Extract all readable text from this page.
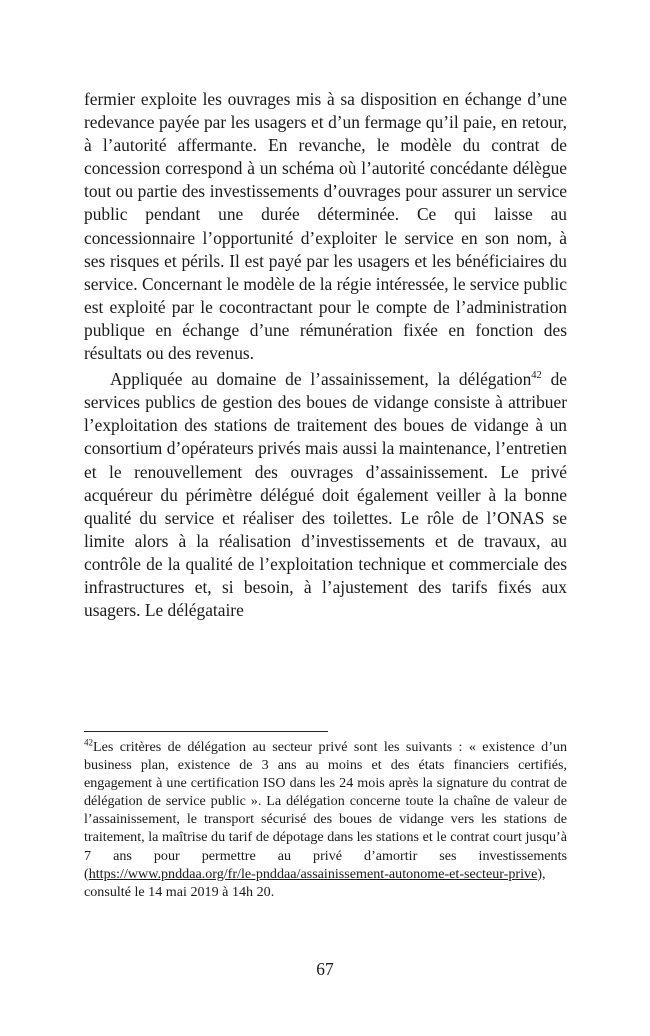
fermier exploite les ouvrages mis à sa disposition en échange d’une redevance payée par les usagers et d’un fermage qu’il paie, en retour, à l’autorité affermante. En revanche, le modèle du contrat de concession correspond à un schéma où l’autorité concédante délègue tout ou partie des investissements d’ouvrages pour assurer un service public pendant une durée déterminée. Ce qui laisse au concessionnaire l’opportunité d’exploiter le service en son nom, à ses risques et périls. Il est payé par les usagers et les bénéficiaires du service. Concernant le modèle de la régie intéressée, le service public est exploité par le cocontractant pour le compte de l’administration publique en échange d’une rémunération fixée en fonction des résultats ou des revenus.

Appliquée au domaine de l’assainissement, la délégation$^{42}$ de services publics de gestion des boues de vidange consiste à attribuer l’exploitation des stations de traitement des boues de vidange à un consortium d’opérateurs privés mais aussi la maintenance, l’entretien et le renouvellement des ouvrages d’assainissement. Le privé acquéreur du périmètre délégué doit également veiller à la bonne qualité du service et réaliser des toilettes. Le rôle de l’ONAS se limite alors à la réalisation d’investissements et de travaux, au contrôle de la qualité de l’exploitation technique et commerciale des infrastructures et, si besoin, à l’ajustement des tarifs fixés aux usagers. Le délégataire

$^{42}$Les critères de délégation au secteur privé sont les suivants : « existence d’un business plan, existence de 3 ans au moins et des états financiers certifiés, engagement à une certification ISO dans les 24 mois après la signature du contrat de délégation de service public ». La délégation concerne toute la chaîne de valeur de l’assainissement, le transport sécurisé des boues de vidange vers les stations de traitement, la maîtrise du tarif de dépotage dans les stations et le contrat court jusqu’à 7 ans pour permettre au privé d’amortir ses investissements (https://www.pnddaa.org/fr/le-pnddaa/assainissement-autonome-et-secteur-prive), consulté le 14 mai 2019 à 14h 20.

67
